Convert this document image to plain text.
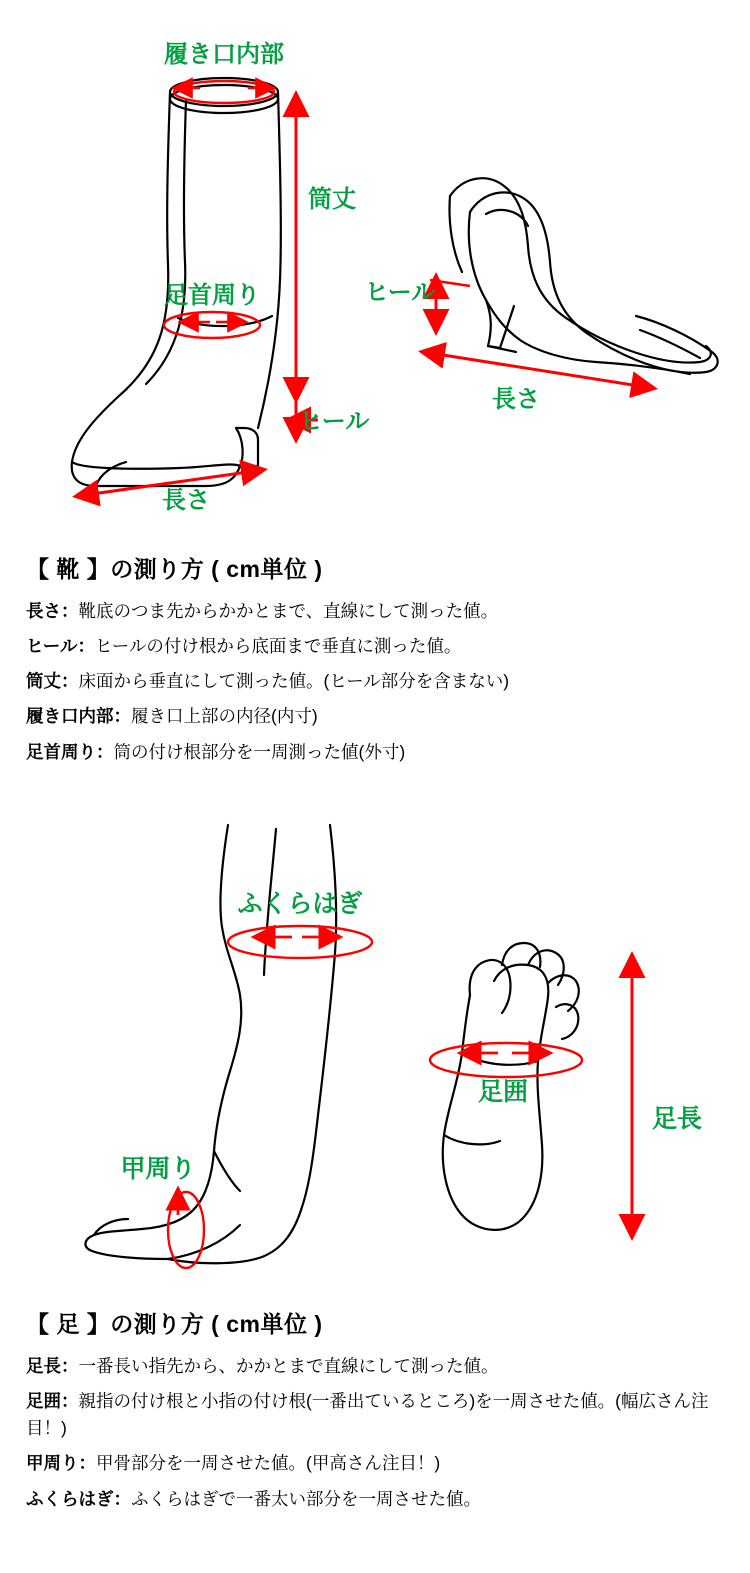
履き口内部
筒丈
足首周り
ヒール
長さ
ヒール
長さ
【 靴 】の測り方 ( cm単位 )
長さ：靴底のつま先からかかとまで、直線にして測った値。
ヒール：ヒールの付け根から底面まで垂直に測った値。
筒丈：床面から垂直にして測った値。(ヒール部分を含まない)
履き口内部：履き口上部の内径(内寸)
足首周り：筒の付け根部分を一周測った値(外寸)
ふくらはぎ
甲周り
足囲
足長
【 足 】の測り方 ( cm単位 )
足長：一番長い指先から、かかとまで直線にして測った値。
足囲：親指の付け根と小指の付け根(一番出ているところ)を一周させた値。(幅広さん注目！)
甲周り：甲骨部分を一周させた値。(甲高さん注目！)
ふくらはぎ：ふくらはぎで一番太い部分を一周させた値。
